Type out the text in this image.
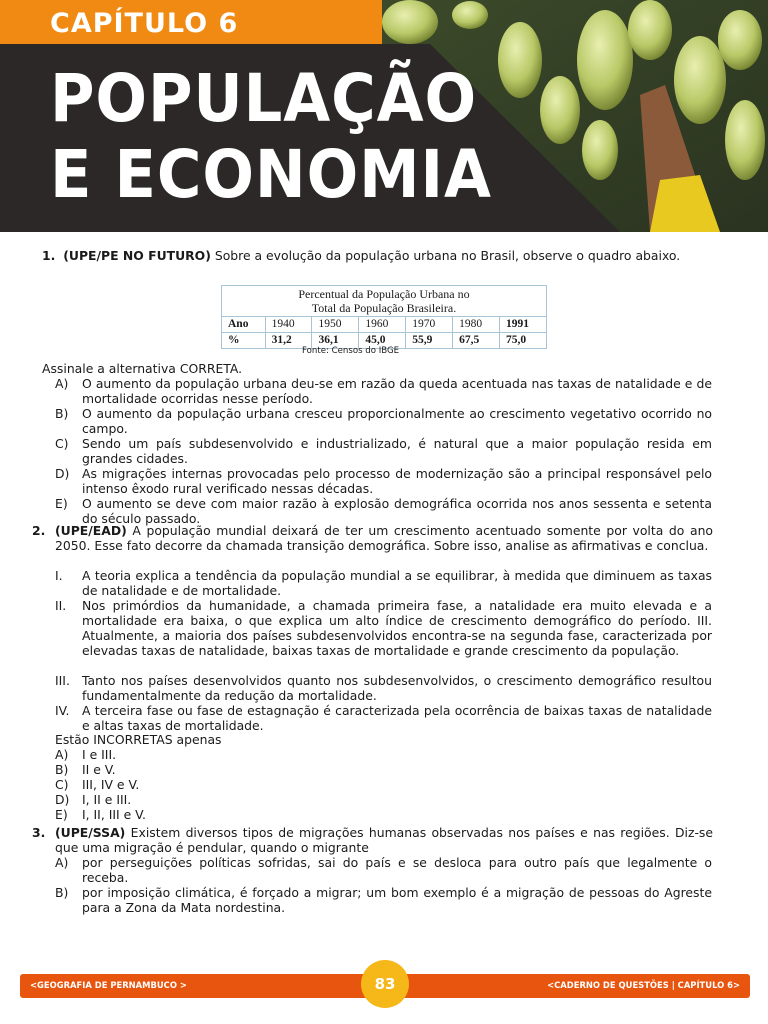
CAPÍTULO 6
POPULAÇÃO
E ECONOMIA
1. (UPE/PE NO FUTURO) Sobre a evolução da população urbana no Brasil, observe o quadro abaixo.
Percentual da População Urbana no
Total da População Brasileira.
Ano	1940	1950	1960	1970	1980	1991
%	31,2	36,1	45,0	55,9	67,5	75,0
Fonte: Censos do IBGE
Assinale a alternativa CORRETA.
A) O aumento da população urbana deu-se em razão da queda acentuada nas taxas de natalidade e de mortalidade ocorridas nesse período.
B) O aumento da população urbana cresceu proporcionalmente ao crescimento vegetativo ocorrido no campo.
C) Sendo um país subdesenvolvido e industrializado, é natural que a maior população resida em grandes cidades.
D) As migrações internas provocadas pelo processo de modernização são a principal responsável pelo intenso êxodo rural verificado nessas décadas.
E) O aumento se deve com maior razão à explosão demográfica ocorrida nos anos sessenta e setenta do século passado.
2. (UPE/EAD) A população mundial deixará de ter um crescimento acentuado somente por volta do ano 2050. Esse fato decorre da chamada transição demográfica. Sobre isso, analise as afirmativas e conclua.
I. A teoria explica a tendência da população mundial a se equilibrar, à medida que diminuem as taxas de natalidade e de mortalidade.
II. Nos primórdios da humanidade, a chamada primeira fase, a natalidade era muito elevada e a mortalidade era baixa, o que explica um alto índice de crescimento demográfico do período. III. Atualmente, a maioria dos países subdesenvolvidos encontra-se na segunda fase, caracterizada por elevadas taxas de natalidade, baixas taxas de mortalidade e grande crescimento da população.
III. Tanto nos países desenvolvidos quanto nos subdesenvolvidos, o crescimento demográfico resultou fundamentalmente da redução da mortalidade.
IV. A terceira fase ou fase de estagnação é caracterizada pela ocorrência de baixas taxas de natalidade e altas taxas de mortalidade.
Estão INCORRETAS apenas
A) I e III.
B) II e V.
C) III, IV e V.
D) I, II e III.
E) I, II, III e V.
3. (UPE/SSA) Existem diversos tipos de migrações humanas observadas nos países e nas regiões. Diz-se que uma migração é pendular, quando o migrante
A) por perseguições políticas sofridas, sai do país e se desloca para outro país que legalmente o receba.
B) por imposição climática, é forçado a migrar; um bom exemplo é a migração de pessoas do Agreste para a Zona da Mata nordestina.
<GEOGRAFIA DE PERNAMBUCO >	<CADERNO DE QUESTÕES | CAPÍTULO 6>
83
